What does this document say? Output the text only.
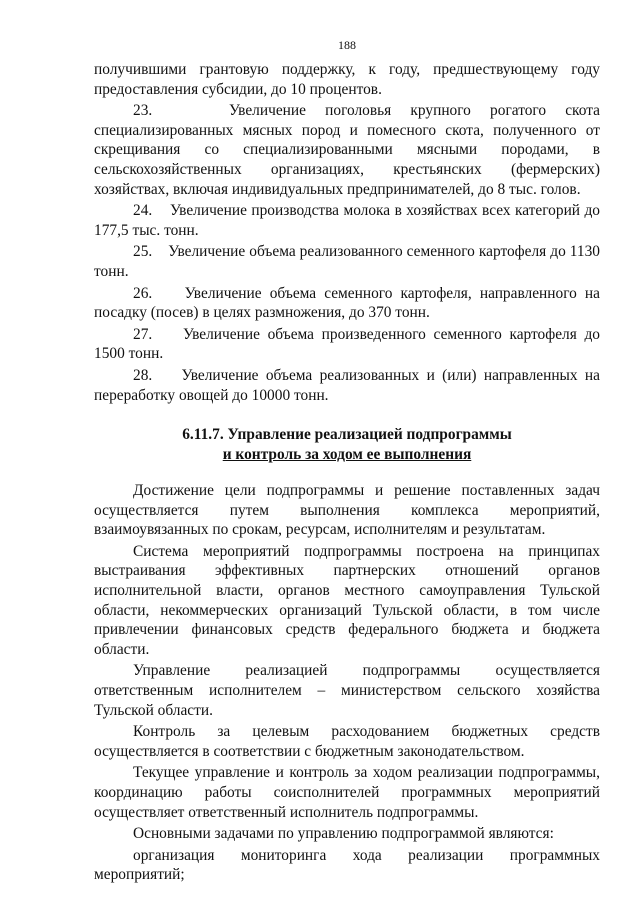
188

получившими грантовую поддержку, к году, предшествующему году предоставления субсидии, до 10 процентов.

23.    Увеличение поголовья крупного рогатого скота специализированных мясных пород и помесного скота, полученного от скрещивания со специализированными мясными породами, в сельскохозяйственных организациях, крестьянских (фермерских) хозяйствах, включая индивидуальных предпринимателей, до 8 тыс. голов.

24.    Увеличение производства молока в хозяйствах всех категорий до 177,5 тыс. тонн.

25.    Увеличение объема реализованного семенного картофеля до 1130 тонн.

26.    Увеличение объема семенного картофеля, направленного на посадку (посев) в целях размножения, до 370 тонн.

27.    Увеличение объема произведенного семенного картофеля до 1500 тонн.

28.    Увеличение объема реализованных и (или) направленных на переработку овощей до 10000 тонн.

6.11.7. Управление реализацией подпрограммы
и контроль за ходом ее выполнения

Достижение цели подпрограммы и решение поставленных задач осуществляется путем выполнения комплекса мероприятий, взаимоувязанных по срокам, ресурсам, исполнителям и результатам.

Система мероприятий подпрограммы построена на принципах выстраивания эффективных партнерских отношений органов исполнительной власти, органов местного самоуправления Тульской области, некоммерческих организаций Тульской области, в том числе привлечении финансовых средств федерального бюджета и бюджета области.

Управление реализацией подпрограммы осуществляется ответственным исполнителем – министерством сельского хозяйства Тульской области.

Контроль за целевым расходованием бюджетных средств осуществляется в соответствии с бюджетным законодательством.

Текущее управление и контроль за ходом реализации подпрограммы, координацию работы соисполнителей программных мероприятий осуществляет ответственный исполнитель подпрограммы.

Основными задачами по управлению подпрограммой являются:

организация мониторинга хода реализации программных мероприятий;
